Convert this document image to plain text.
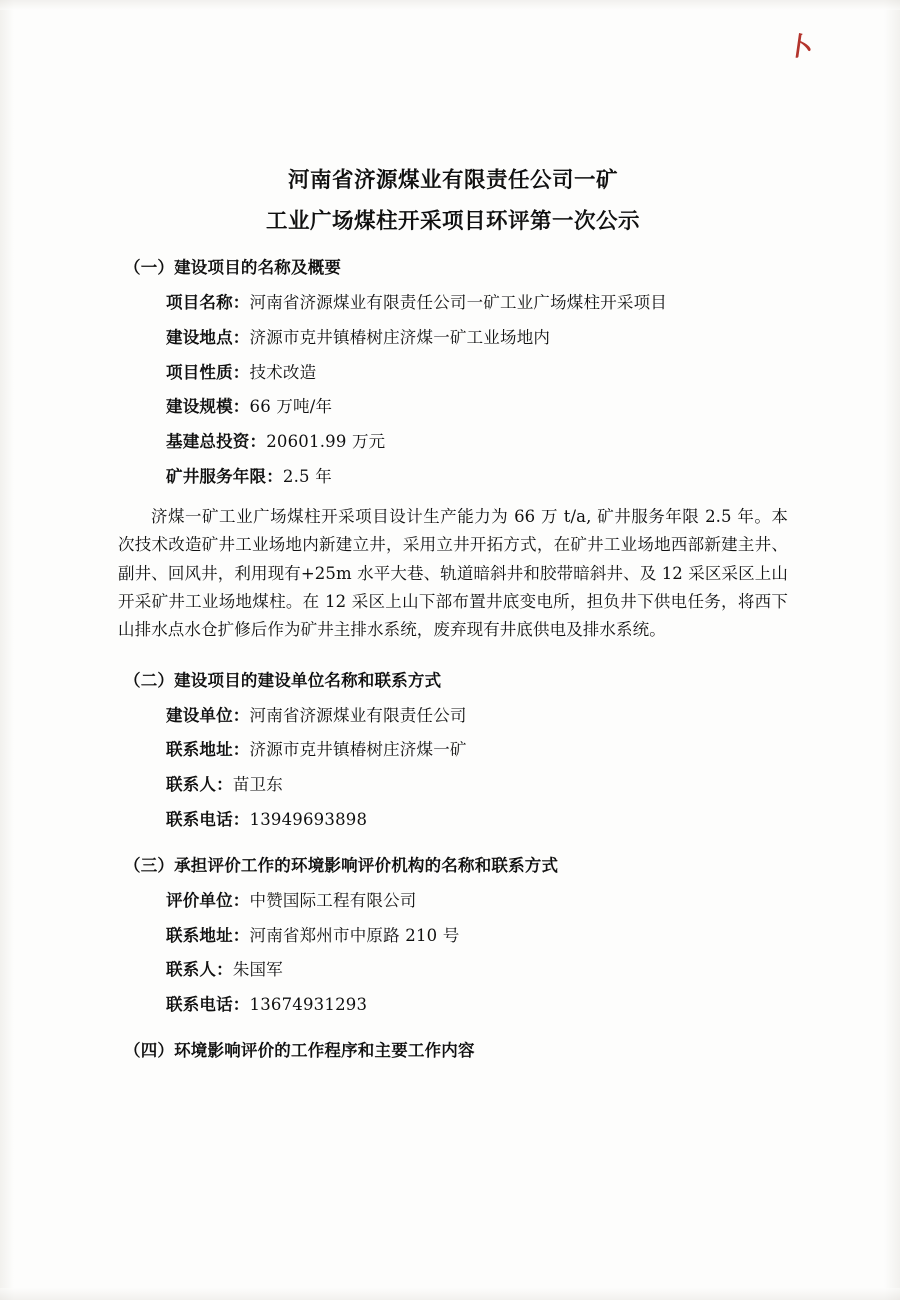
卜
河南省济源煤业有限责任公司一矿
工业广场煤柱开采项目环评第一次公示
（一）建设项目的名称及概要
项目名称：河南省济源煤业有限责任公司一矿工业广场煤柱开采项目
建设地点：济源市克井镇椿树庄济煤一矿工业场地内
项目性质：技术改造
建设规模：66 万吨/年
基建总投资：20601.99 万元
矿井服务年限：2.5 年
济煤一矿工业广场煤柱开采项目设计生产能力为 66 万 t/a, 矿井服务年限 2.5 年。本次技术改造矿井工业场地内新建立井，采用立井开拓方式，在矿井工业场地西部新建主井、副井、回风井，利用现有+25m 水平大巷、轨道暗斜井和胶带暗斜井、及 12 采区采区上山开采矿井工业场地煤柱。在 12 采区上山下部布置井底变电所，担负井下供电任务，将西下山排水点水仓扩修后作为矿井主排水系统，废弃现有井底供电及排水系统。
（二）建设项目的建设单位名称和联系方式
建设单位：河南省济源煤业有限责任公司
联系地址：济源市克井镇椿树庄济煤一矿
联系人：苗卫东
联系电话：13949693898
（三）承担评价工作的环境影响评价机构的名称和联系方式
评价单位：中赞国际工程有限公司
联系地址：河南省郑州市中原路 210 号
联系人：朱国军
联系电话：13674931293
（四）环境影响评价的工作程序和主要工作内容
